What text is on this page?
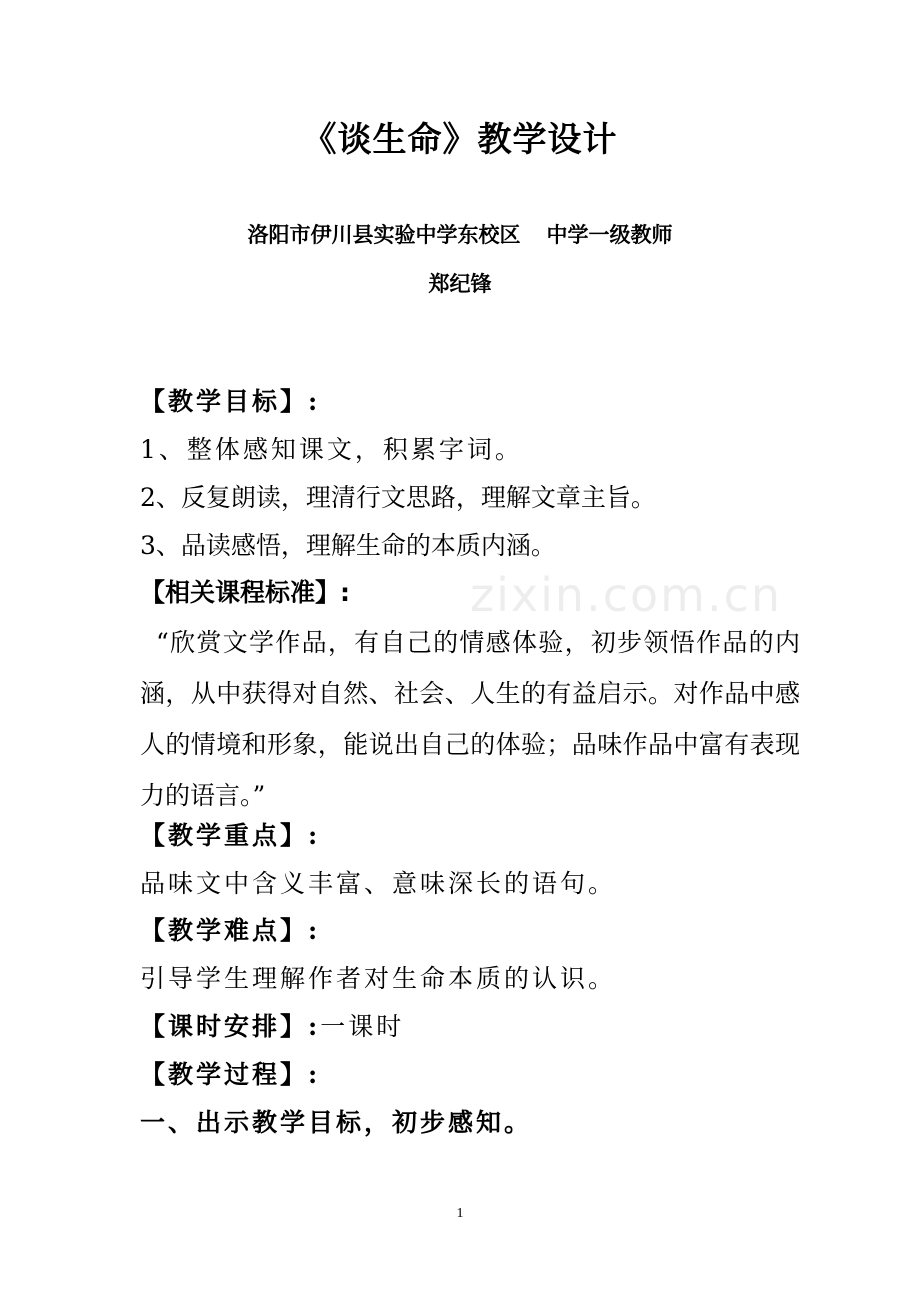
《谈生命》教学设计
洛阳市伊川县实验中学东校区 中学一级教师
郑纪锋
zixin.com.cn
【教学目标】:
1、整体感知课文，积累字词。
2、反复朗读，理清行文思路，理解文章主旨。
3、品读感悟，理解生命的本质内涵。
【相关课程标准】:
“欣赏文学作品，有自己的情感体验，初步领悟作品的内涵，从中获得对自然、社会、人生的有益启示。对作品中感人的情境和形象，能说出自己的体验；品味作品中富有表现力的语言。”
【教学重点】:
品味文中含义丰富、意味深长的语句。
【教学难点】:
引导学生理解作者对生命本质的认识。
【课时安排】:一课时
【教学过程】:
一、出示教学目标，初步感知。
1
